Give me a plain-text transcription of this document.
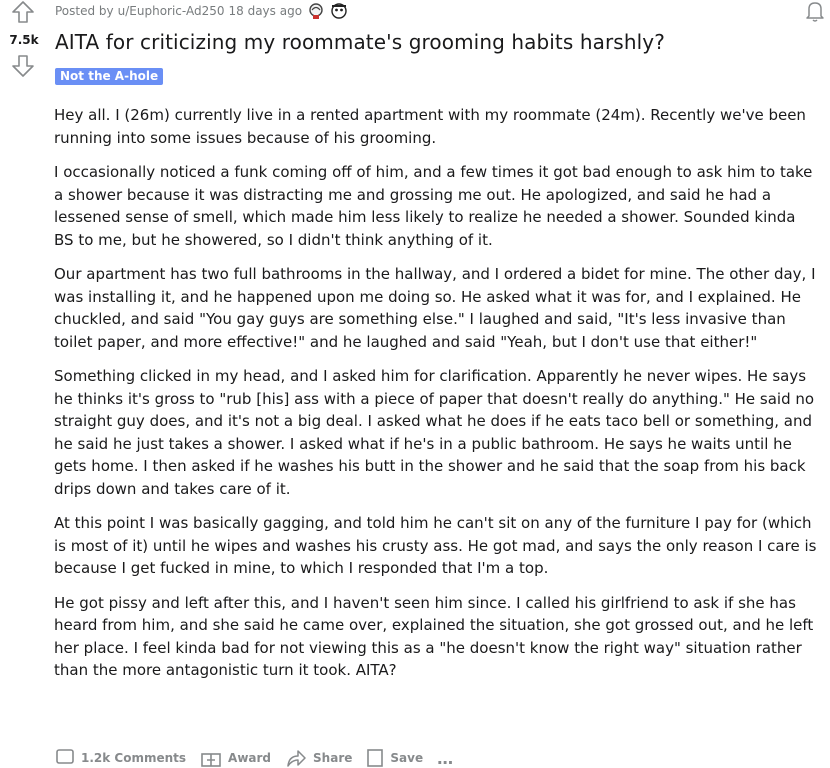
7.5k
Posted by u/Euphoric-Ad250 18 days ago
AITA for criticizing my roommate's grooming habits harshly?
Not the A-hole

Hey all. I (26m) currently live in a rented apartment with my roommate (24m). Recently we've been running into some issues because of his grooming.

I occasionally noticed a funk coming off of him, and a few times it got bad enough to ask him to take a shower because it was distracting me and grossing me out. He apologized, and said he had a lessened sense of smell, which made him less likely to realize he needed a shower. Sounded kinda BS to me, but he showered, so I didn't think anything of it.

Our apartment has two full bathrooms in the hallway, and I ordered a bidet for mine. The other day, I was installing it, and he happened upon me doing so. He asked what it was for, and I explained. He chuckled, and said "You gay guys are something else." I laughed and said, "It's less invasive than toilet paper, and more effective!" and he laughed and said "Yeah, but I don't use that either!"

Something clicked in my head, and I asked him for clarification. Apparently he never wipes. He says he thinks it's gross to "rub [his] ass with a piece of paper that doesn't really do anything." He said no straight guy does, and it's not a big deal. I asked what he does if he eats taco bell or something, and he said he just takes a shower. I asked what if he's in a public bathroom. He says he waits until he gets home. I then asked if he washes his butt in the shower and he said that the soap from his back drips down and takes care of it.

At this point I was basically gagging, and told him he can't sit on any of the furniture I pay for (which is most of it) until he wipes and washes his crusty ass. He got mad, and says the only reason I care is because I get fucked in mine, to which I responded that I'm a top.

He got pissy and left after this, and I haven't seen him since. I called his girlfriend to ask if she has heard from him, and she said he came over, explained the situation, she got grossed out, and he left her place. I feel kinda bad for not viewing this as a "he doesn't know the right way" situation rather than the more antagonistic turn it took. AITA?

1.2k Comments	Award	Share	Save …
